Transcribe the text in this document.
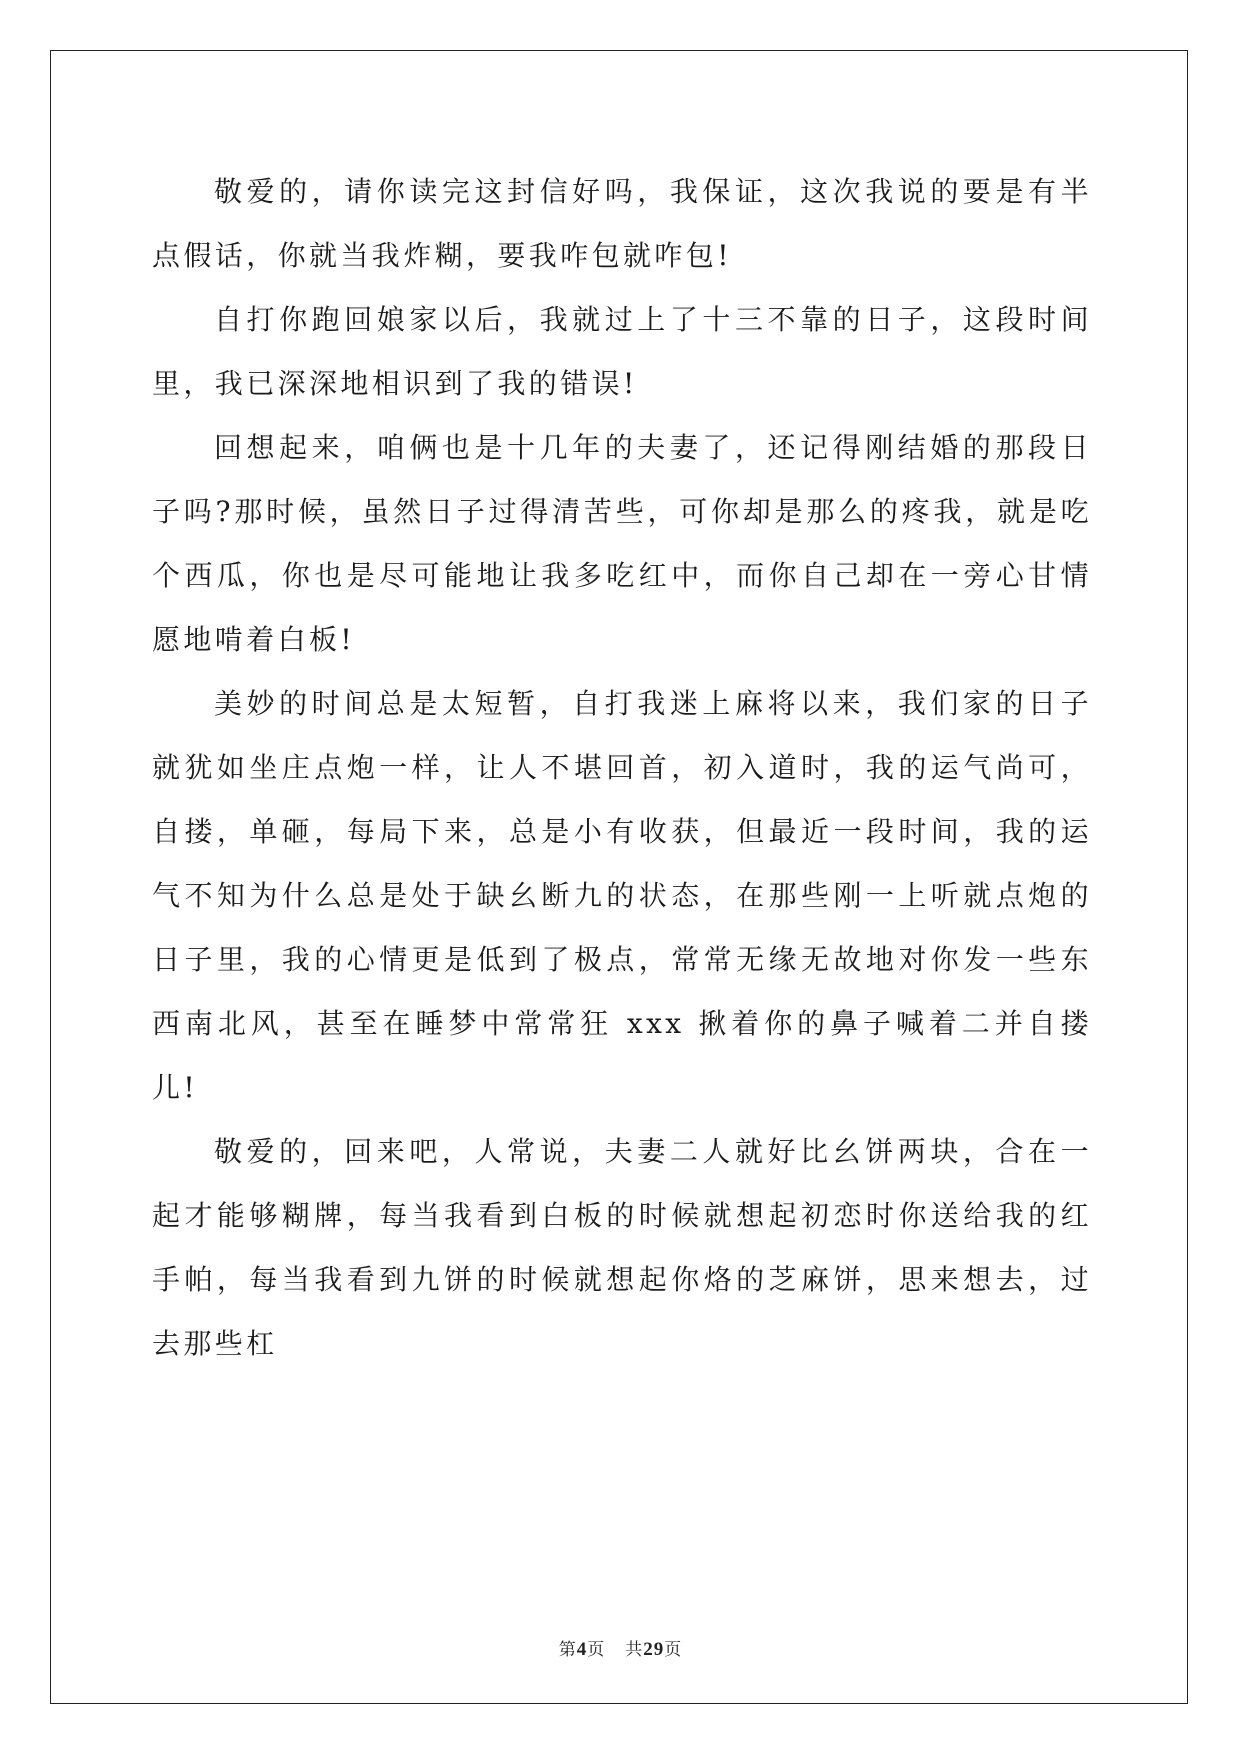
敬爱的，请你读完这封信好吗，我保证，这次我说的要是有半点假话，你就当我炸糊，要我咋包就咋包!

自打你跑回娘家以后，我就过上了十三不靠的日子，这段时间里，我已深深地相识到了我的错误!

回想起来，咱俩也是十几年的夫妻了，还记得刚结婚的那段日子吗?那时候，虽然日子过得清苦些，可你却是那么的疼我，就是吃个西瓜，你也是尽可能地让我多吃红中，而你自己却在一旁心甘情愿地啃着白板!

美妙的时间总是太短暂，自打我迷上麻将以来，我们家的日子就犹如坐庄点炮一样，让人不堪回首，初入道时，我的运气尚可，自搂，单砸，每局下来，总是小有收获，但最近一段时间，我的运气不知为什么总是处于缺幺断九的状态，在那些刚一上听就点炮的日子里，我的心情更是低到了极点，常常无缘无故地对你发一些东西南北风，甚至在睡梦中常常狂 xxx 揪着你的鼻子喊着二并自搂儿!

敬爱的，回来吧，人常说，夫妻二人就好比幺饼两块，合在一起才能够糊牌，每当我看到白板的时候就想起初恋时你送给我的红手帕，每当我看到九饼的时候就想起你烙的芝麻饼，思来想去，过去那些杠

第4页 共29页
